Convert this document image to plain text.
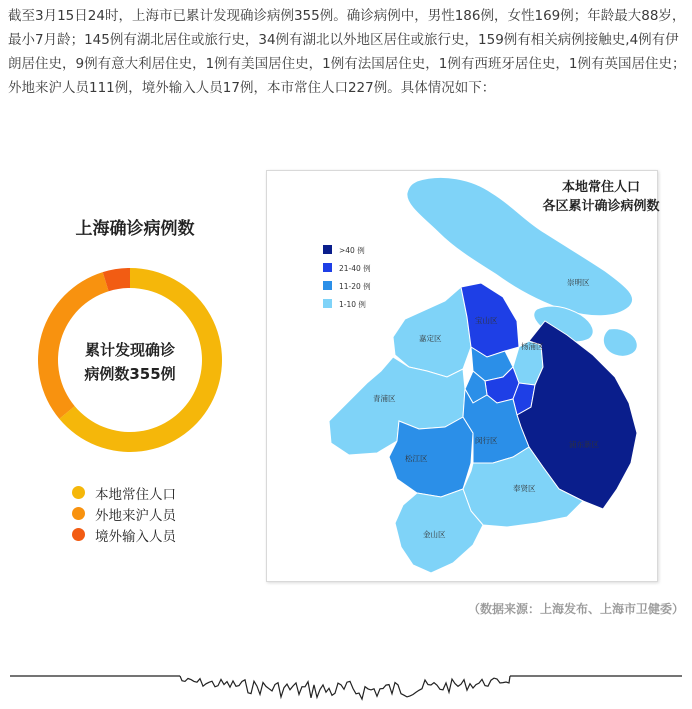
截至3月15日24时，上海市已累计发现确诊病例355例。确诊病例中，男性186例，女性169例；年龄最大88岁，最小7月龄；145例有湖北居住或旅行史，34例有湖北以外地区居住或旅行史，159例有相关病例接触史,4例有伊朗居住史，9例有意大利居住史，1例有美国居住史，1例有法国居住史，1例有西班牙居住史，1例有英国居住史；外地来沪人员111例，境外输入人员17例，本市常住人口227例。具体情况如下：
上海确诊病例数
累计发现确诊
病例数355例
本地常住人口
外地来沪人员
境外输入人员
崇明区
宝山区
嘉定区
杨浦区
青浦区
浦东新区
闵行区
松江区
奉贤区
金山区
>40 例
21-40 例
11-20 例
1-10 例
本地常住人口
各区累计确诊病例数
（数据来源：上海发布、上海市卫健委）
